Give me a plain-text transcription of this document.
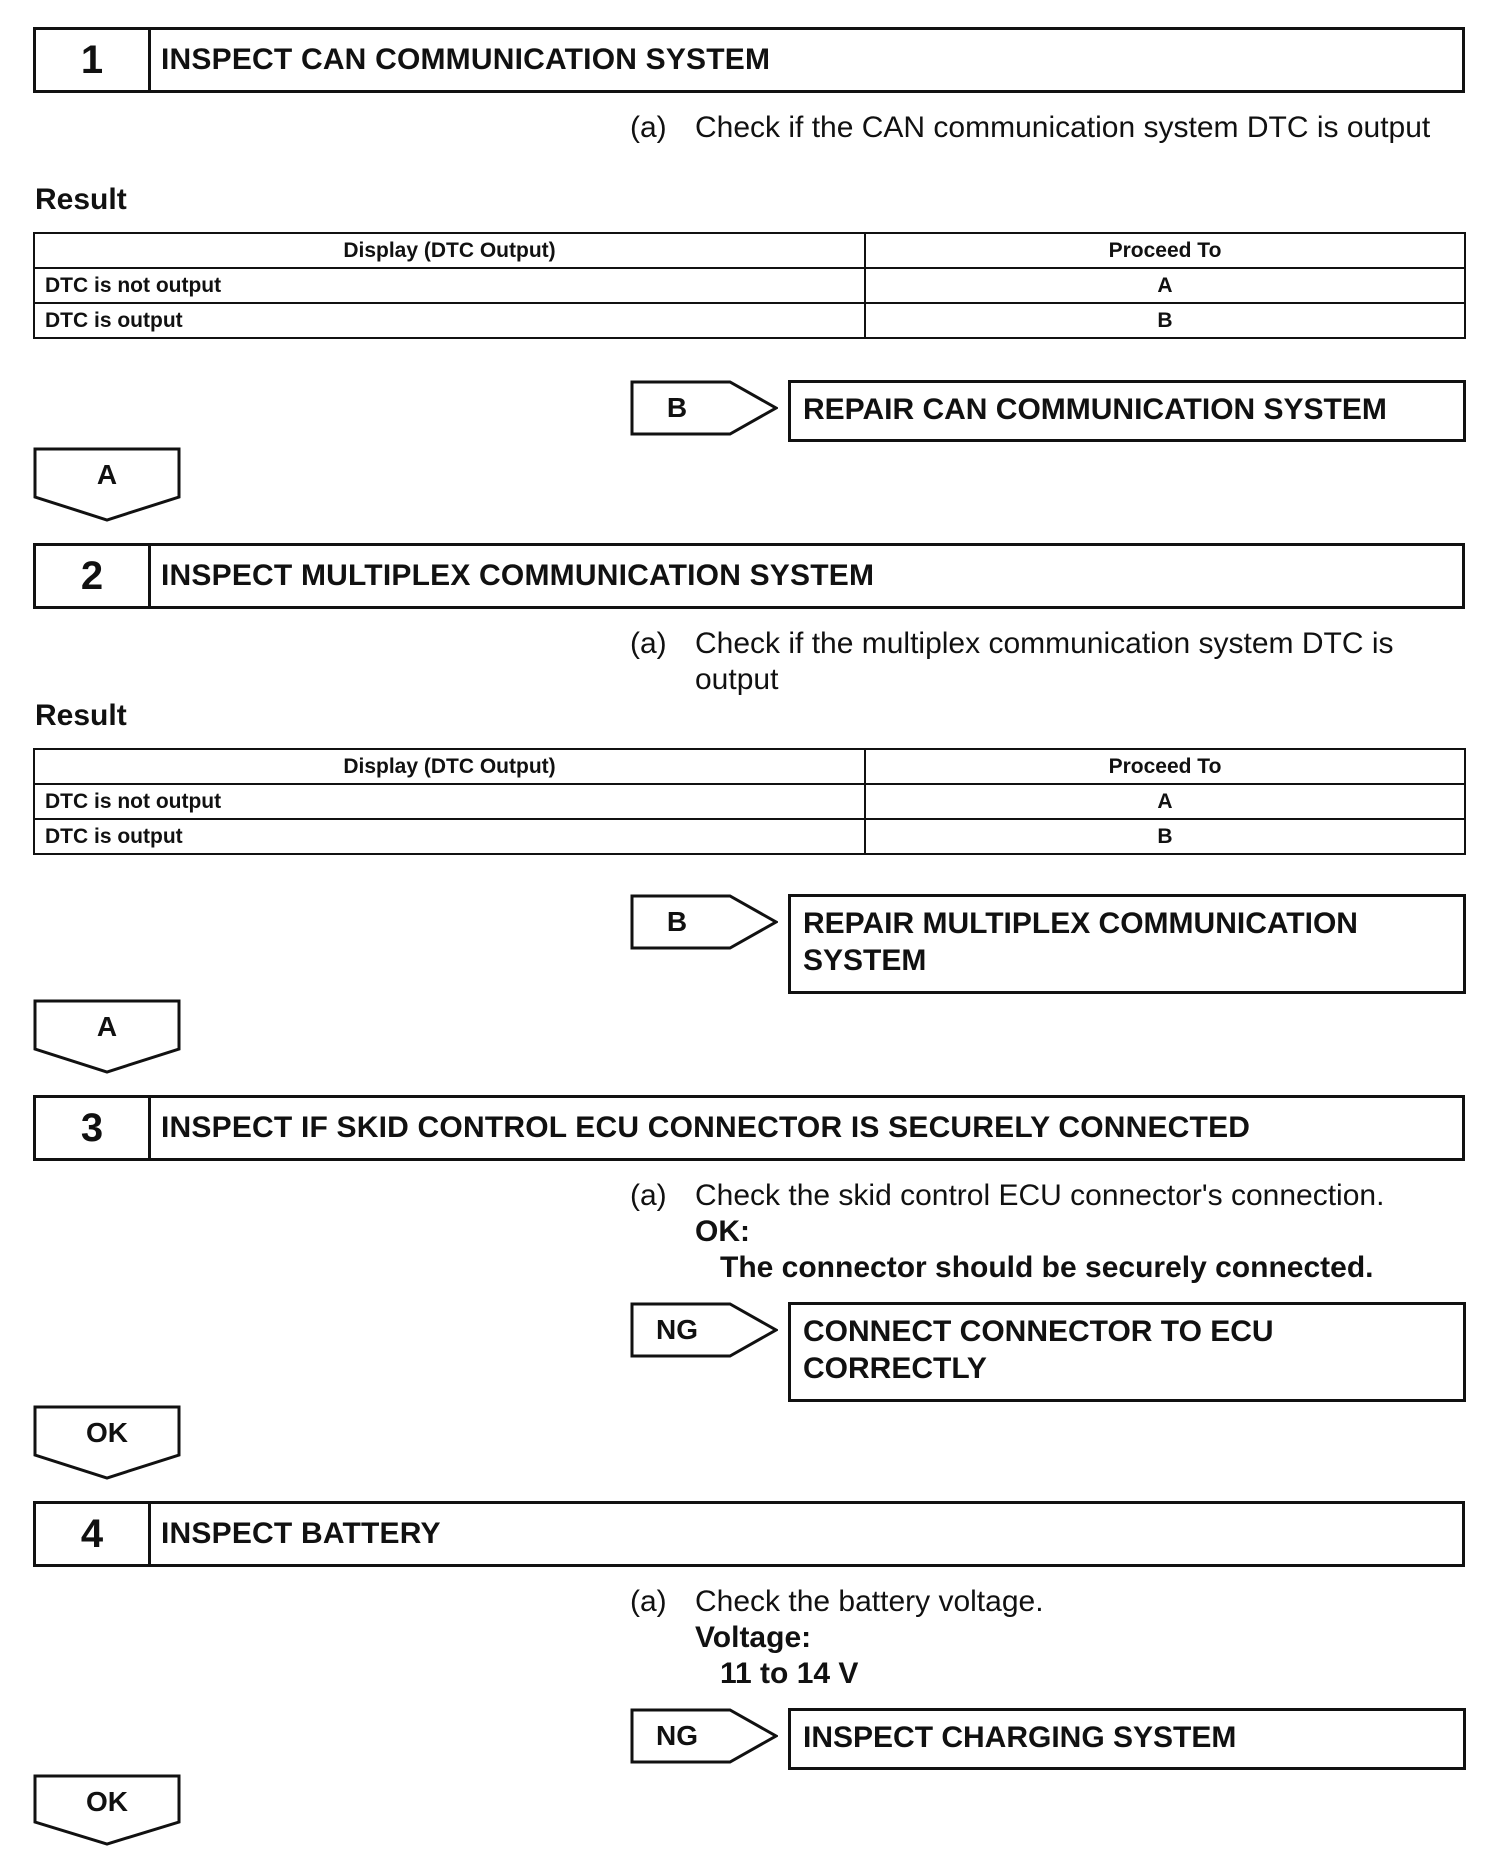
1	INSPECT CAN COMMUNICATION SYSTEM
(a) Check if the CAN communication system DTC is output
Result
Display (DTC Output)	Proceed To
DTC is not output	A
DTC is output	B
B	REPAIR CAN COMMUNICATION SYSTEM
A
2	INSPECT MULTIPLEX COMMUNICATION SYSTEM
(a) Check if the multiplex communication system DTC is output
Result
Display (DTC Output)	Proceed To
DTC is not output	A
DTC is output	B
B	REPAIR MULTIPLEX COMMUNICATION SYSTEM
A
3	INSPECT IF SKID CONTROL ECU CONNECTOR IS SECURELY CONNECTED
(a) Check the skid control ECU connector's connection.
OK:
The connector should be securely connected.
NG	CONNECT CONNECTOR TO ECU CORRECTLY
OK
4	INSPECT BATTERY
(a) Check the battery voltage.
Voltage:
11 to 14 V
NG	INSPECT CHARGING SYSTEM
OK
